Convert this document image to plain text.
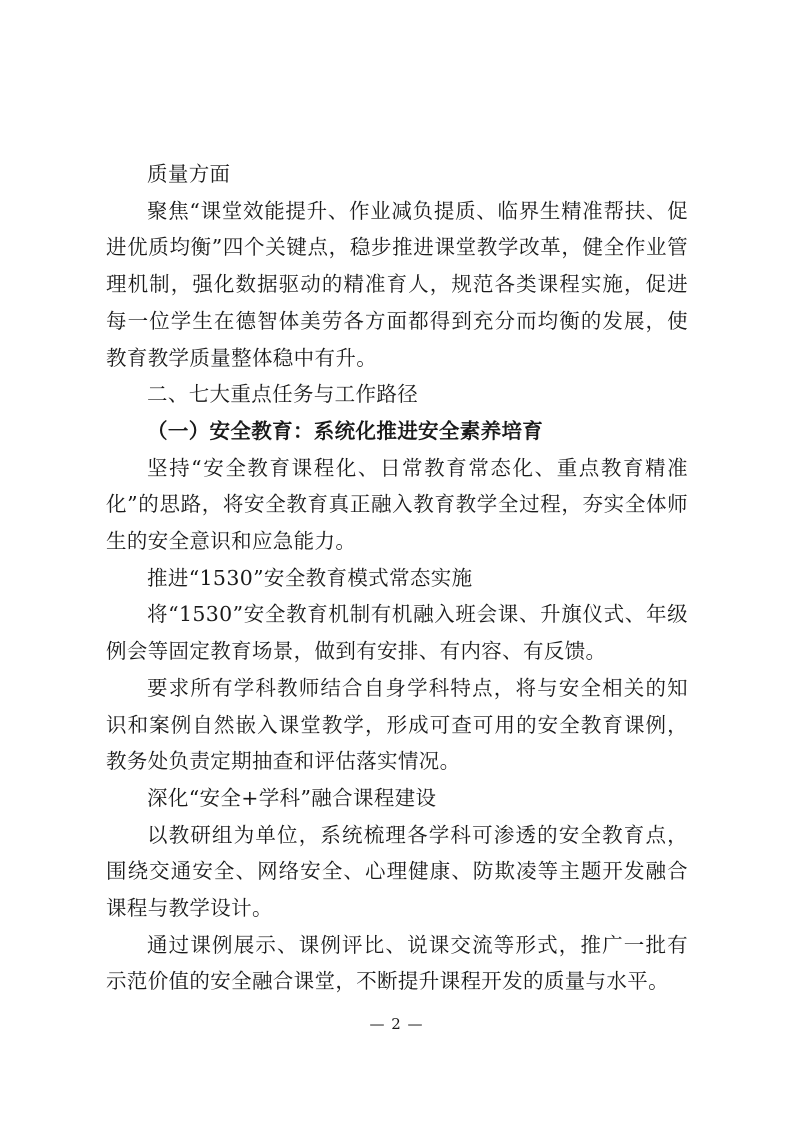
质量方面

聚焦“课堂效能提升、作业减负提质、临界生精准帮扶、促进优质均衡”四个关键点，稳步推进课堂教学改革，健全作业管理机制，强化数据驱动的精准育人，规范各类课程实施，促进每一位学生在德智体美劳各方面都得到充分而均衡的发展，使教育教学质量整体稳中有升。

二、七大重点任务与工作路径

（一）安全教育：系统化推进安全素养培育

坚持“安全教育课程化、日常教育常态化、重点教育精准化”的思路，将安全教育真正融入教育教学全过程，夯实全体师生的安全意识和应急能力。

推进“1530”安全教育模式常态实施

将“1530”安全教育机制有机融入班会课、升旗仪式、年级例会等固定教育场景，做到有安排、有内容、有反馈。

要求所有学科教师结合自身学科特点，将与安全相关的知识和案例自然嵌入课堂教学，形成可查可用的安全教育课例，教务处负责定期抽查和评估落实情况。

深化“安全+学科”融合课程建设

以教研组为单位，系统梳理各学科可渗透的安全教育点，围绕交通安全、网络安全、心理健康、防欺凌等主题开发融合课程与教学设计。

通过课例展示、课例评比、说课交流等形式，推广一批有示范价值的安全融合课堂，不断提升课程开发的质量与水平。

— 2 —
